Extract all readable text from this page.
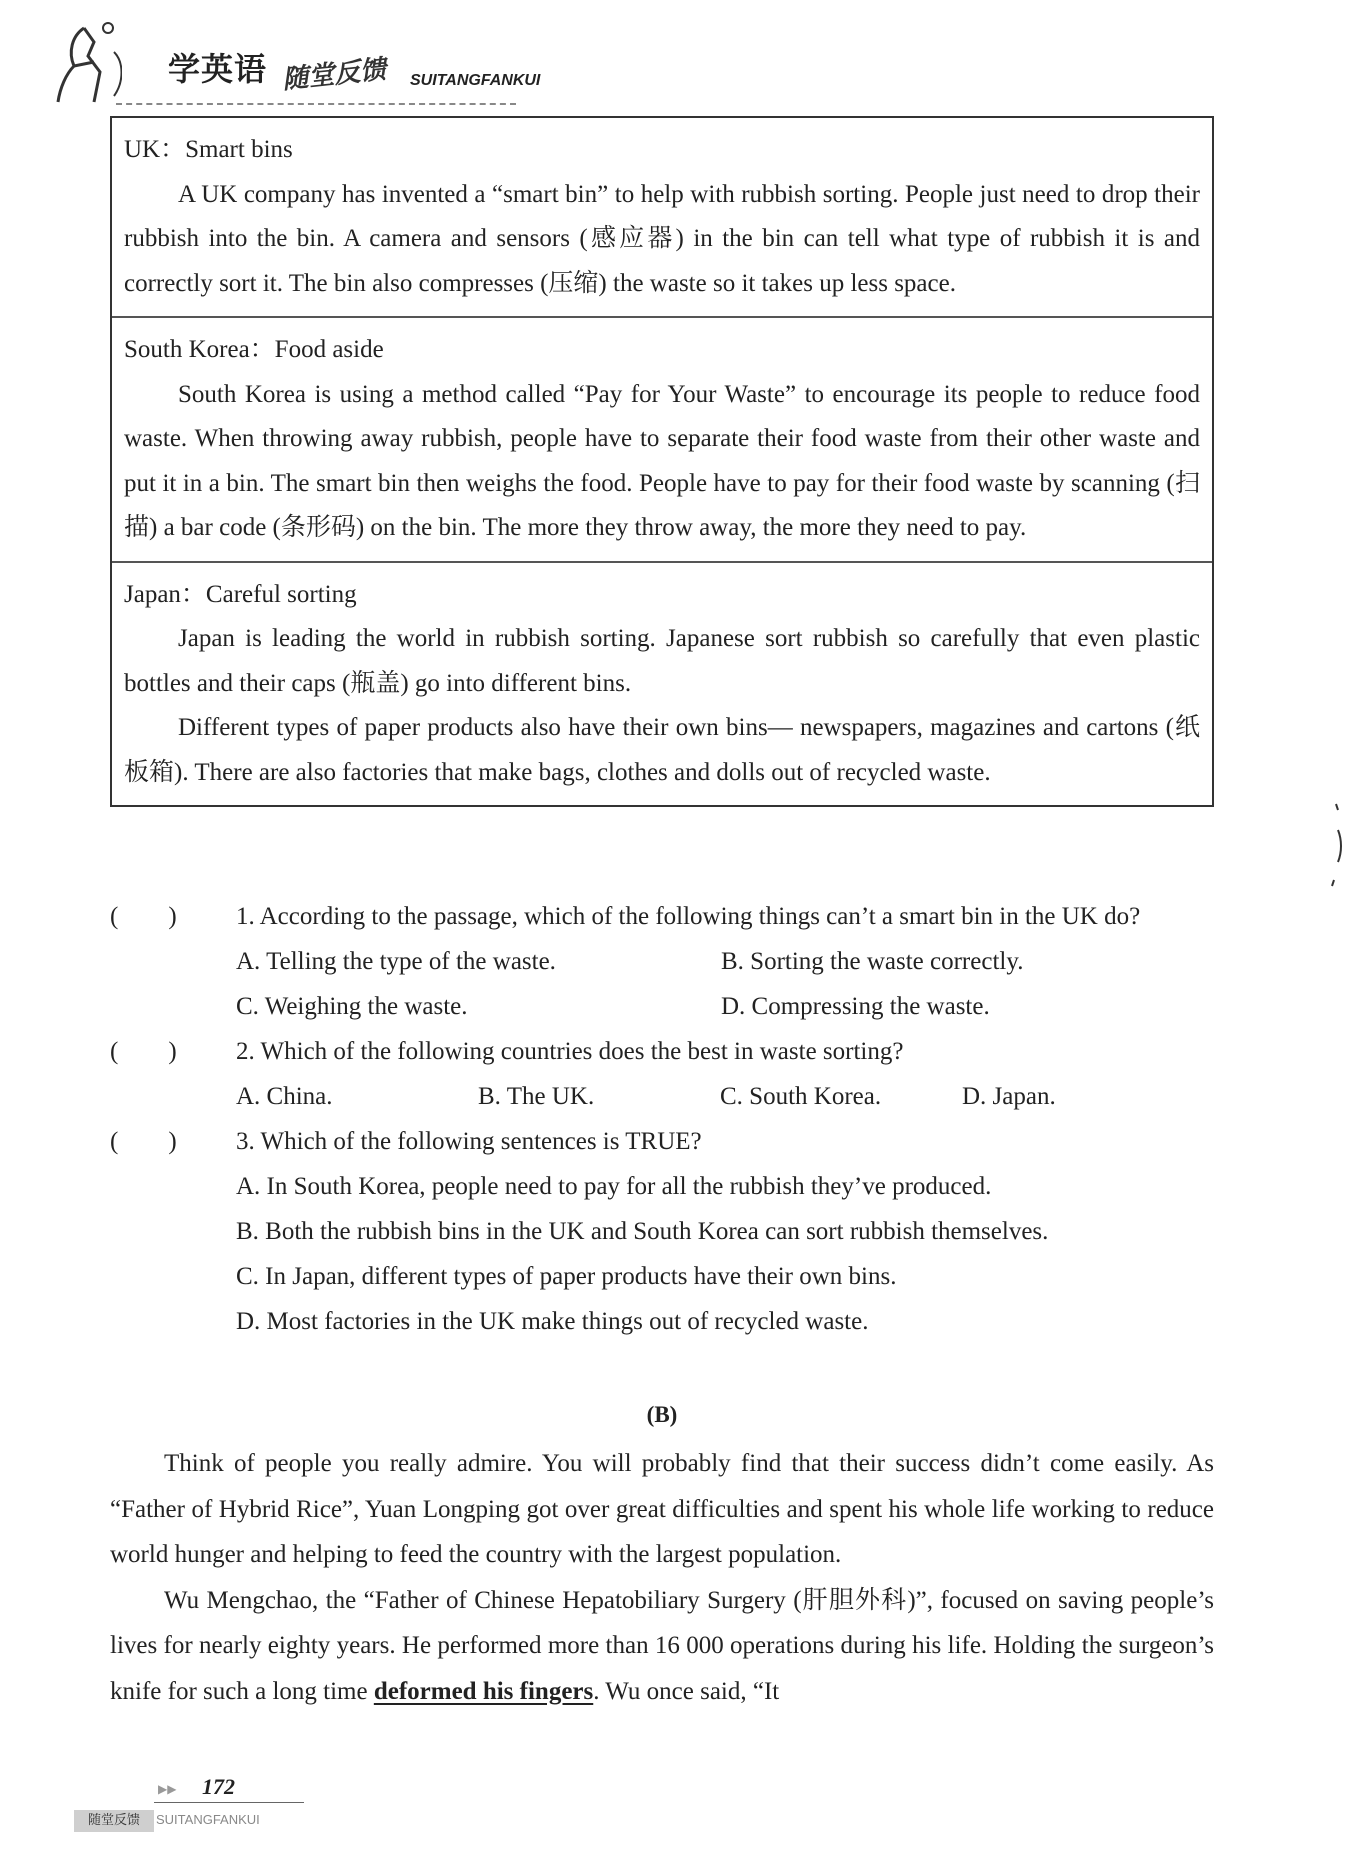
学英语 随堂反馈 SUITANGFANKUI
UK：Smart bins

A UK company has invented a “smart bin” to help with rubbish sorting. People just need to drop their rubbish into the bin. A camera and sensors (感应器) in the bin can tell what type of rubbish it is and correctly sort it. The bin also compresses (压缩) the waste so it takes up less space.

South Korea：Food aside

South Korea is using a method called “Pay for Your Waste” to encourage its people to reduce food waste. When throwing away rubbish, people have to separate their food waste from their other waste and put it in a bin. The smart bin then weighs the food. People have to pay for their food waste by scanning (扫描) a bar code (条形码) on the bin. The more they throw away, the more they need to pay.

Japan：Careful sorting

Japan is leading the world in rubbish sorting. Japanese sort rubbish so carefully that even plastic bottles and their caps (瓶盖) go into different bins.

Different types of paper products also have their own bins— newspapers, magazines and cartons (纸板箱). There are also factories that make bags, clothes and dolls out of recycled waste.

(　　) 1. According to the passage, which of the following things can’t a smart bin in the UK do?
A. Telling the type of the waste.	B. Sorting the waste correctly.
C. Weighing the waste.	D. Compressing the waste.
(　　) 2. Which of the following countries does the best in waste sorting?
A. China.	B. The UK.	C. South Korea.	D. Japan.
(　　) 3. Which of the following sentences is TRUE?
A. In South Korea, people need to pay for all the rubbish they’ve produced.
B. Both the rubbish bins in the UK and South Korea can sort rubbish themselves.
C. In Japan, different types of paper products have their own bins.
D. Most factories in the UK make things out of recycled waste.
(B)

Think of people you really admire. You will probably find that their success didn’t come easily. As “Father of Hybrid Rice”, Yuan Longping got over great difficulties and spent his whole life working to reduce world hunger and helping to feed the country with the largest population.

Wu Mengchao, the “Father of Chinese Hepatobiliary Surgery (肝胆外科)”, focused on saving people’s lives for nearly eighty years. He performed more than 16 000 operations during his life. Holding the surgeon’s knife for such a long time deformed his fingers. Wu once said, “It

▶▶ 172
随堂反馈	SUITANGFANKUI
